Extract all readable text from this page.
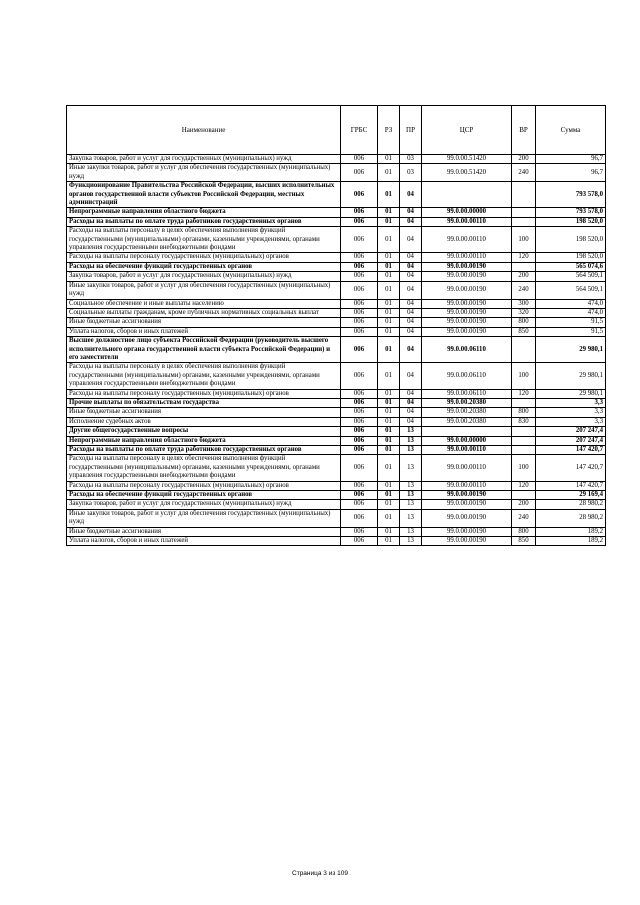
Наименование	ГРБС	РЗ	ПР	ЦСР	ВР	Сумма
Закупка товаров, работ и услуг для государственных (муниципальных) нужд	006	01	03	99.0.00.51420	200	96,7
Иные закупки товаров, работ и услуг для обеспечения государственных (муниципальных) нужд	006	01	03	99.0.00.51420	240	96,7
Функционирование Правительства Российской Федерации, высших исполнительных органов государственной власти субъектов Российской Федерации, местных администраций	006	01	04			793 578,0
Непрограммные направления областного бюджета	006	01	04	99.0.00.00000		793 578,0
Расходы на выплаты по оплате труда работников государственных органов	006	01	04	99.0.00.00110		198 520,0
Расходы на выплаты персоналу в целях обеспечения выполнения функций государственными (муниципальными) органами, казенными учреждениями, органами управления государственными внебюджетными фондами	006	01	04	99.0.00.00110	100	198 520,0
Расходы на выплаты персоналу государственных (муниципальных) органов	006	01	04	99.0.00.00110	120	198 520,0
Расходы на обеспечение функций государственных органов	006	01	04	99.0.00.00190		565 074,6
Закупка товаров, работ и услуг для государственных (муниципальных) нужд	006	01	04	99.0.00.00190	200	564 509,1
Иные закупки товаров, работ и услуг для обеспечения государственных (муниципальных) нужд	006	01	04	99.0.00.00190	240	564 509,1
Социальное обеспечение и иные выплаты населению	006	01	04	99.0.00.00190	300	474,0
Социальные выплаты гражданам, кроме публичных нормативных социальных выплат	006	01	04	99.0.00.00190	320	474,0
Иные бюджетные ассигнования	006	01	04	99.0.00.00190	800	91,5
Уплата налогов, сборов и иных платежей	006	01	04	99.0.00.00190	850	91,5
Высшее должностное лицо субъекта Российской Федерации (руководитель высшего исполнительного органа государственной власти субъекта Российской Федерации) и его заместители	006	01	04	99.0.00.06110		29 980,1
Расходы на выплаты персоналу в целях обеспечения выполнения функций государственными (муниципальными) органами, казенными учреждениями, органами управления государственными внебюджетными фондами	006	01	04	99.0.00.06110	100	29 980,1
Расходы на выплаты персоналу государственных (муниципальных) органов	006	01	04	99.0.00.06110	120	29 980,1
Прочие выплаты по обязательствам государства	006	01	04	99.0.00.20380		3,3
Иные бюджетные ассигнования	006	01	04	99.0.00.20380	800	3,3
Исполнение судебных актов	006	01	04	99.0.00.20380	830	3,3
Другие общегосударственные вопросы	006	01	13			207 247,4
Непрограммные направления областного бюджета	006	01	13	99.0.00.00000		207 247,4
Расходы на выплаты по оплате труда работников государственных органов	006	01	13	99.0.00.00110		147 420,7
Расходы на выплаты персоналу в целях обеспечения выполнения функций государственными (муниципальными) органами, казенными учреждениями, органами управления государственными внебюджетными фондами	006	01	13	99.0.00.00110	100	147 420,7
Расходы на выплаты персоналу государственных (муниципальных) органов	006	01	13	99.0.00.00110	120	147 420,7
Расходы на обеспечение функций государственных органов	006	01	13	99.0.00.00190		29 169,4
Закупка товаров, работ и услуг для государственных (муниципальных) нужд	006	01	13	99.0.00.00190	200	28 980,2
Иные закупки товаров, работ и услуг для обеспечения государственных (муниципальных) нужд	006	01	13	99.0.00.00190	240	28 980,2
Иные бюджетные ассигнования	006	01	13	99.0.00.00190	800	189,2
Уплата налогов, сборов и иных платежей	006	01	13	99.0.00.00190	850	189,2
Страница 3 из 109
